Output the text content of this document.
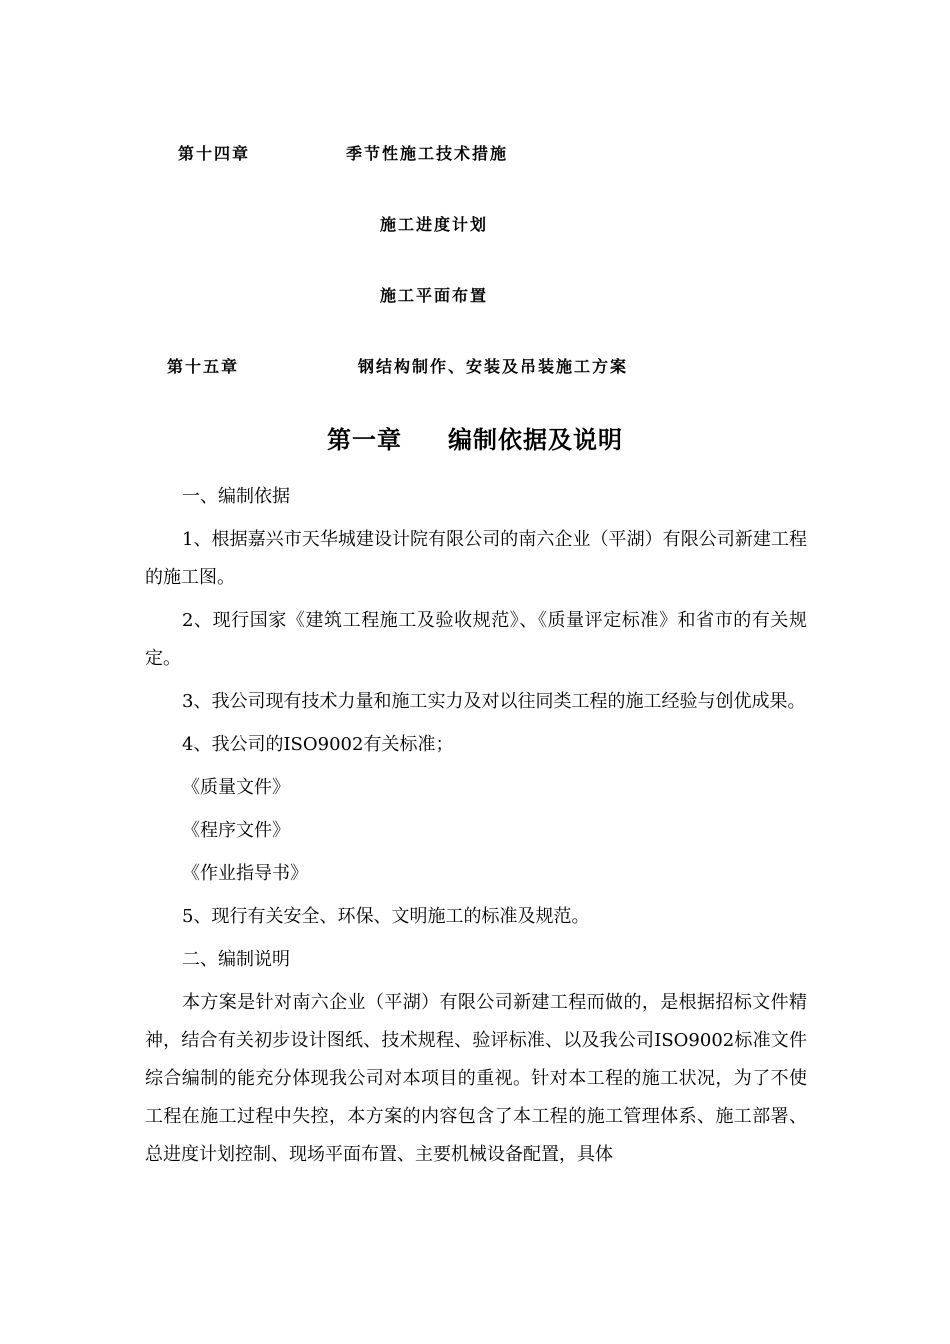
第十四章	季节性施工技术措施
施工进度计划
施工平面布置
第十五章	钢结构制作、安装及吊装施工方案
第一章 编制依据及说明

一、编制依据

1、根据嘉兴市天华城建设计院有限公司的南六企业（平湖）有限公司新建工程的施工图。

2、现行国家《建筑工程施工及验收规范》、《质量评定标准》和省市的有关规定。

3、我公司现有技术力量和施工实力及对以往同类工程的施工经验与创优成果。

4、我公司的ISO9002有关标准；

《质量文件》

《程序文件》

《作业指导书》

5、现行有关安全、环保、文明施工的标准及规范。

二、编制说明

本方案是针对南六企业（平湖）有限公司新建工程而做的，是根据招标文件精神，结合有关初步设计图纸、技术规程、验评标准、以及我公司ISO9002标准文件综合编制的能充分体现我公司对本项目的重视。针对本工程的施工状况，为了不使工程在施工过程中失控，本方案的内容包含了本工程的施工管理体系、施工部署、总进度计划控制、现场平面布置、主要机械设备配置，具体
